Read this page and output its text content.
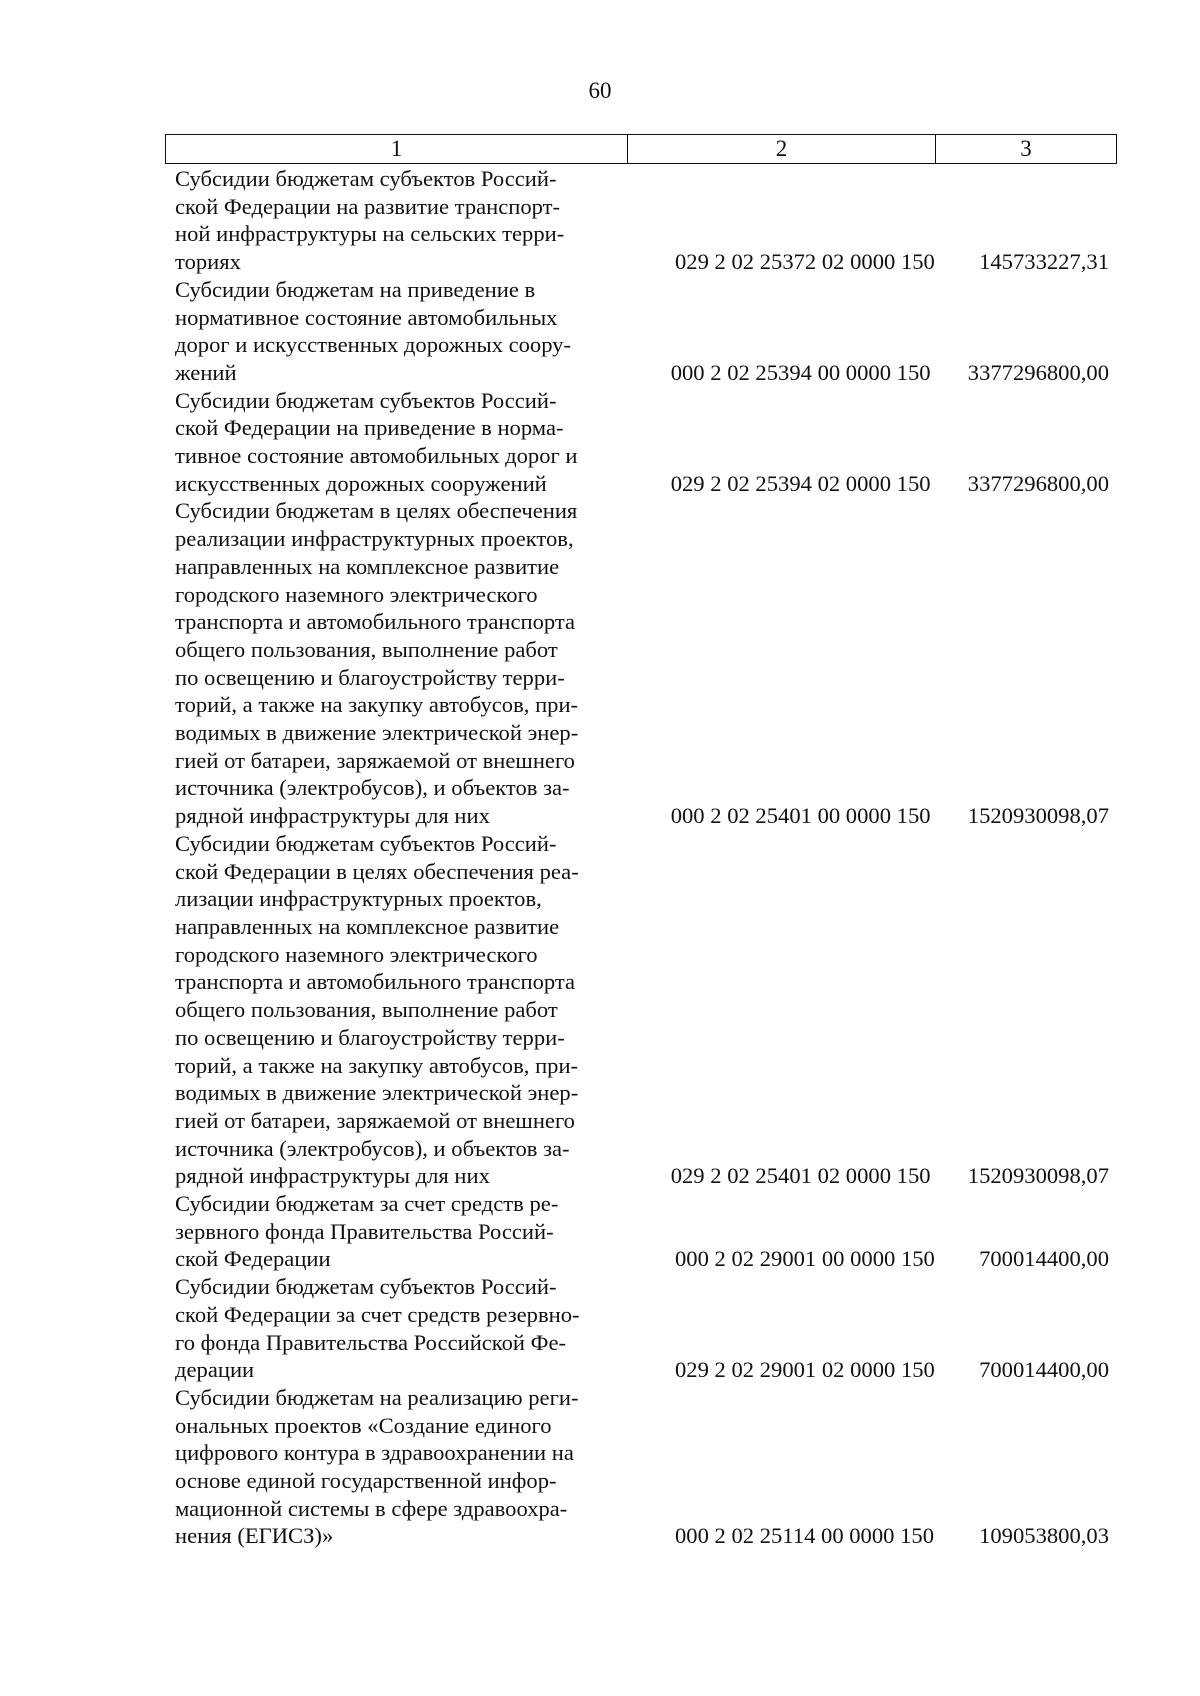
60
1	2	3
Субсидии бюджетам субъектов Россий-
ской Федерации на развитие транспорт-
ной инфраструктуры на сельских терри-
ториях	029 2 02 25372 02 0000 150	145733227,31
Субсидии бюджетам на приведение в
нормативное состояние автомобильных
дорог и искусственных дорожных соору-
жений	000 2 02 25394 00 0000 150	3377296800,00
Субсидии бюджетам субъектов Россий-
ской Федерации на приведение в норма-
тивное состояние автомобильных дорог и
искусственных дорожных сооружений	029 2 02 25394 02 0000 150	3377296800,00
Субсидии бюджетам в целях обеспечения
реализации инфраструктурных проектов,
направленных на комплексное развитие
городского наземного электрического
транспорта и автомобильного транспорта
общего пользования, выполнение работ
по освещению и благоустройству терри-
торий, а также на закупку автобусов, при-
водимых в движение электрической энер-
гией от батареи, заряжаемой от внешнего
источника (электробусов), и объектов за-
рядной инфраструктуры для них	000 2 02 25401 00 0000 150	1520930098,07
Субсидии бюджетам субъектов Россий-
ской Федерации в целях обеспечения реа-
лизации инфраструктурных проектов,
направленных на комплексное развитие
городского наземного электрического
транспорта и автомобильного транспорта
общего пользования, выполнение работ
по освещению и благоустройству терри-
торий, а также на закупку автобусов, при-
водимых в движение электрической энер-
гией от батареи, заряжаемой от внешнего
источника (электробусов), и объектов за-
рядной инфраструктуры для них	029 2 02 25401 02 0000 150	1520930098,07
Субсидии бюджетам за счет средств ре-
зервного фонда Правительства Россий-
ской Федерации	000 2 02 29001 00 0000 150	700014400,00
Субсидии бюджетам субъектов Россий-
ской Федерации за счет средств резервно-
го фонда Правительства Российской Фе-
дерации	029 2 02 29001 02 0000 150	700014400,00
Субсидии бюджетам на реализацию реги-
ональных проектов «Создание единого
цифрового контура в здравоохранении на
основе единой государственной инфор-
мационной системы в сфере здравоохра-
нения (ЕГИСЗ)»	000 2 02 25114 00 0000 150	109053800,03
